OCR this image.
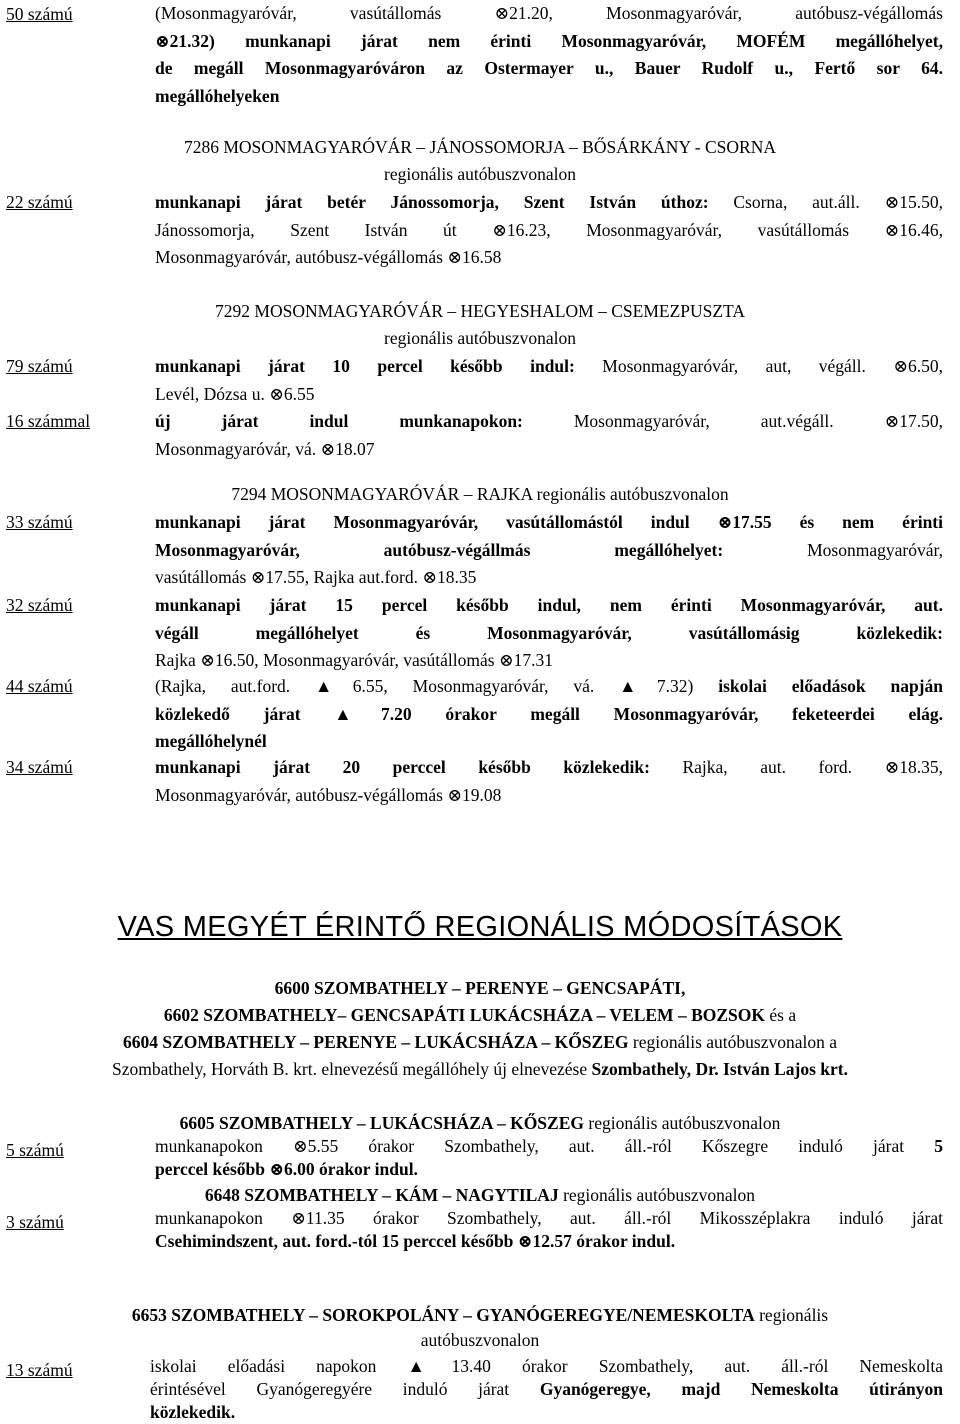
50 számú	(Mosonmagyaróvár, vasútállomás ⊗21.20, Mosonmagyaróvár, autóbusz-végállomás
⊗21.32) munkanapi járat nem érinti Mosonmagyaróvár, MOFÉM megállóhelyet,
de megáll Mosonmagyaróváron az Ostermayer u., Bauer Rudolf u., Fertő sor 64.
megállóhelyeken
7286 MOSONMAGYARÓVÁR – JÁNOSSOMORJA – BŐSÁRKÁNY - CSORNA
regionális autóbuszvonalon
22 számú	munkanapi járat betér Jánossomorja, Szent István úthoz: Csorna, aut.áll. ⊗15.50,
Jánossomorja, Szent István út ⊗16.23, Mosonmagyaróvár, vasútállomás ⊗16.46,
Mosonmagyaróvár, autóbusz-végállomás ⊗16.58
7292 MOSONMAGYARÓVÁR – HEGYESHALOM – CSEMEZPUSZTA
regionális autóbuszvonalon
79 számú	munkanapi járat 10 percel később indul: Mosonmagyaróvár, aut, végáll. ⊗6.50,
Levél, Dózsa u. ⊗6.55
16 számmal	új járat indul munkanapokon: Mosonmagyaróvár, aut.végáll. ⊗17.50,
Mosonmagyaróvár, vá. ⊗18.07
7294 MOSONMAGYARÓVÁR – RAJKA regionális autóbuszvonalon
33 számú	munkanapi járat Mosonmagyaróvár, vasútállomástól indul ⊗17.55 és nem érinti
Mosonmagyaróvár, autóbusz-végállmás megállóhelyet: Mosonmagyaróvár,
vasútállomás ⊗17.55, Rajka aut.ford. ⊗18.35
32 számú	munkanapi járat 15 percel később indul, nem érinti Mosonmagyaróvár, aut.
végáll megállóhelyet és Mosonmagyaróvár, vasútállomásig közlekedik:
Rajka ⊗16.50, Mosonmagyaróvár, vasútállomás ⊗17.31
44 számú	(Rajka, aut.ford. ▲6.55, Mosonmagyaróvár, vá. ▲7.32) iskolai előadások napján
közlekedő járat ▲7.20 órakor megáll Mosonmagyaróvár, feketeerdei elág.
megállóhelynél
34 számú	munkanapi járat 20 perccel később közlekedik: Rajka, aut. ford. ⊗18.35,
Mosonmagyaróvár, autóbusz-végállomás ⊗19.08
VAS MEGYÉT ÉRINTŐ REGIONÁLIS MÓDOSÍTÁSOK
6600 SZOMBATHELY – PERENYE – GENCSAPÁTI,
6602 SZOMBATHELY– GENCSAPÁTI LUKÁCSHÁZA – VELEM – BOZSOK és a
6604 SZOMBATHELY – PERENYE – LUKÁCSHÁZA – KŐSZEG regionális autóbuszvonalon a
Szombathely, Horváth B. krt. elnevezésű megállóhely új elnevezése Szombathely, Dr. István Lajos krt.
6605 SZOMBATHELY – LUKÁCSHÁZA – KŐSZEG regionális autóbuszvonalon
5 számú	munkanapokon ⊗5.55 órakor Szombathely, aut. áll.-ról Kőszegre induló járat 5
perccel később ⊗6.00 órakor indul.
6648 SZOMBATHELY – KÁM – NAGYTILAJ regionális autóbuszvonalon
3 számú	munkanapokon ⊗11.35 órakor Szombathely, aut. áll.-ról Mikosszéplakra induló járat
Csehimindszent, aut. ford.-tól 15 perccel később ⊗12.57 órakor indul.
6653 SZOMBATHELY – SOROKPOLÁNY – GYANÓGEREGYE/NEMESKOLTA regionális
autóbuszvonalon
13 számú	iskolai előadási napokon ▲13.40 órakor Szombathely, aut. áll.-ról Nemeskolta
érintésével Gyanógeregyére induló járat Gyanógeregye, majd Nemeskolta útirányon
közlekedik.
